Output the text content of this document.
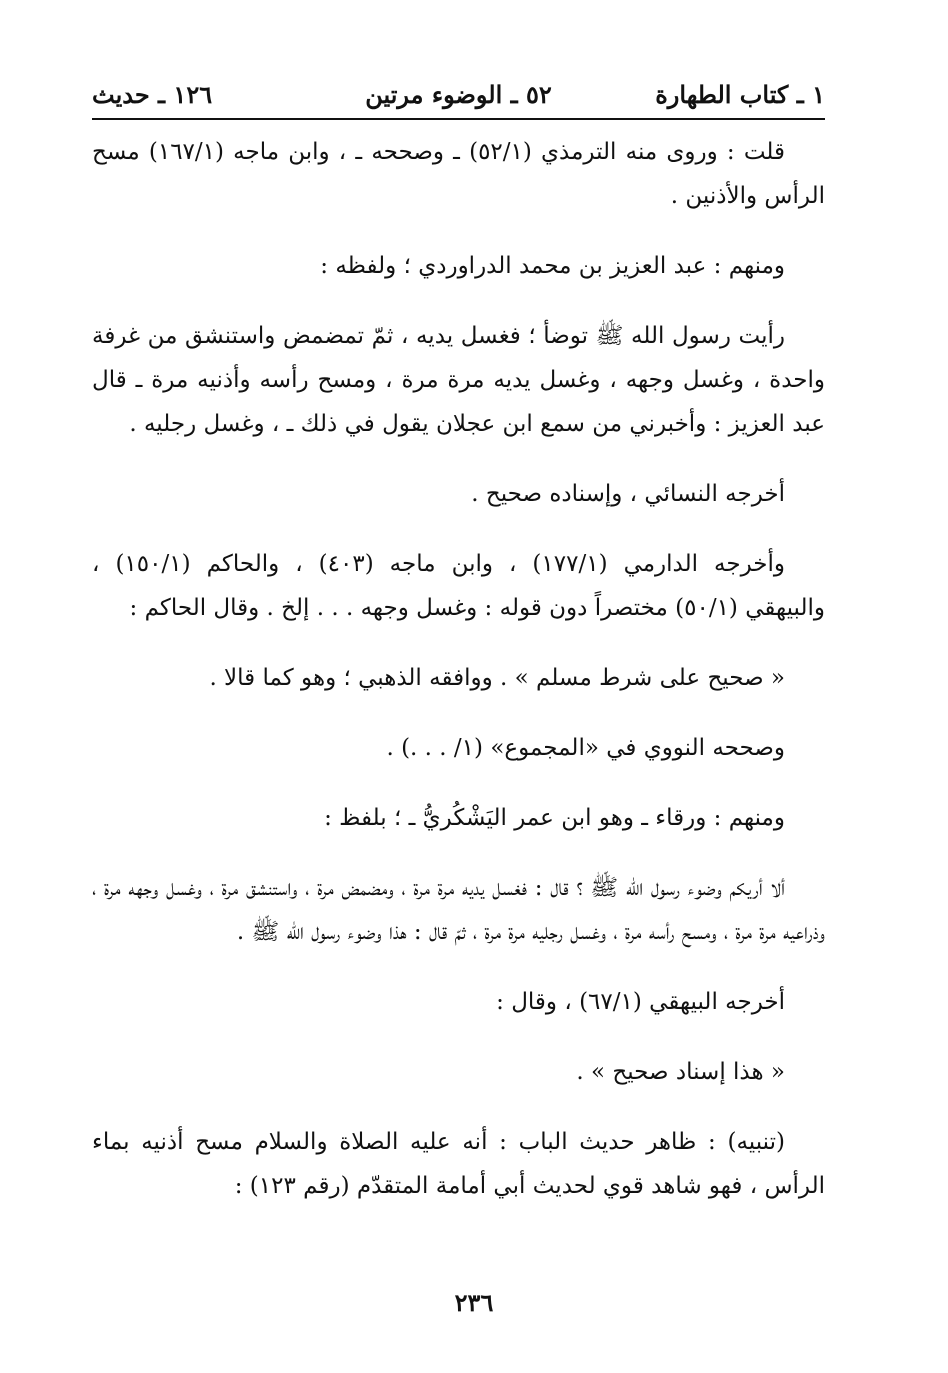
١ ـ كتاب الطهارة
٥٢ ـ الوضوء مرتين
١٢٦ ـ حديث

قلت : وروى منه الترمذي (٥٢/١) ـ وصححه ـ ، وابن ماجه (١٦٧/١) مسح الرأس والأذنين .

ومنهم : عبد العزيز بن محمد الدراوردي ؛ ولفظه :

رأيت رسول الله ﷺ توضأ ؛ فغسل يديه ، ثمّ تمضمض واستنشق من غرفة واحدة ، وغسل وجهه ، وغسل يديه مرة مرة ، ومسح رأسه وأذنيه مرة ـ قال عبد العزيز : وأخبرني من سمع ابن عجلان يقول في ذلك ـ ، وغسل رجليه .

أخرجه النسائي ، وإسناده صحيح .

وأخرجه الدارمي (١٧٧/١) ، وابن ماجه (٤٠٣) ، والحاكم (١٥٠/١) ، والبيهقي (٥٠/١) مختصراً دون قوله : وغسل وجهه . . . إلخ . وقال الحاكم :

« صحيح على شرط مسلم » . ووافقه الذهبي ؛ وهو كما قالا .

وصححه النووي في «المجموع» (١/ . . .) .

ومنهم : ورقاء ـ وهو ابن عمر اليَشْكُريُّ ـ ؛ بلفظ :

ألا أريكم وضوء رسول الله ﷺ ؟ قال : فغسل يديه مرة مرة ، ومضمض مرة ، واستنشق مرة ، وغسل وجهه مرة ، وذراعيه مرة مرة ، ومسح رأسه مرة ، وغسل رجليه مرة مرة ، ثمّ قال : هذا وضوء رسول الله ﷺ .

أخرجه البيهقي (٦٧/١) ، وقال :

« هذا إسناد صحيح » .

(تنبيه) : ظاهر حديث الباب : أنه عليه الصلاة والسلام مسح أذنيه بماء الرأس ، فهو شاهد قوي لحديث أبي أمامة المتقدّم (رقم ١٢٣) :

٢٣٦
